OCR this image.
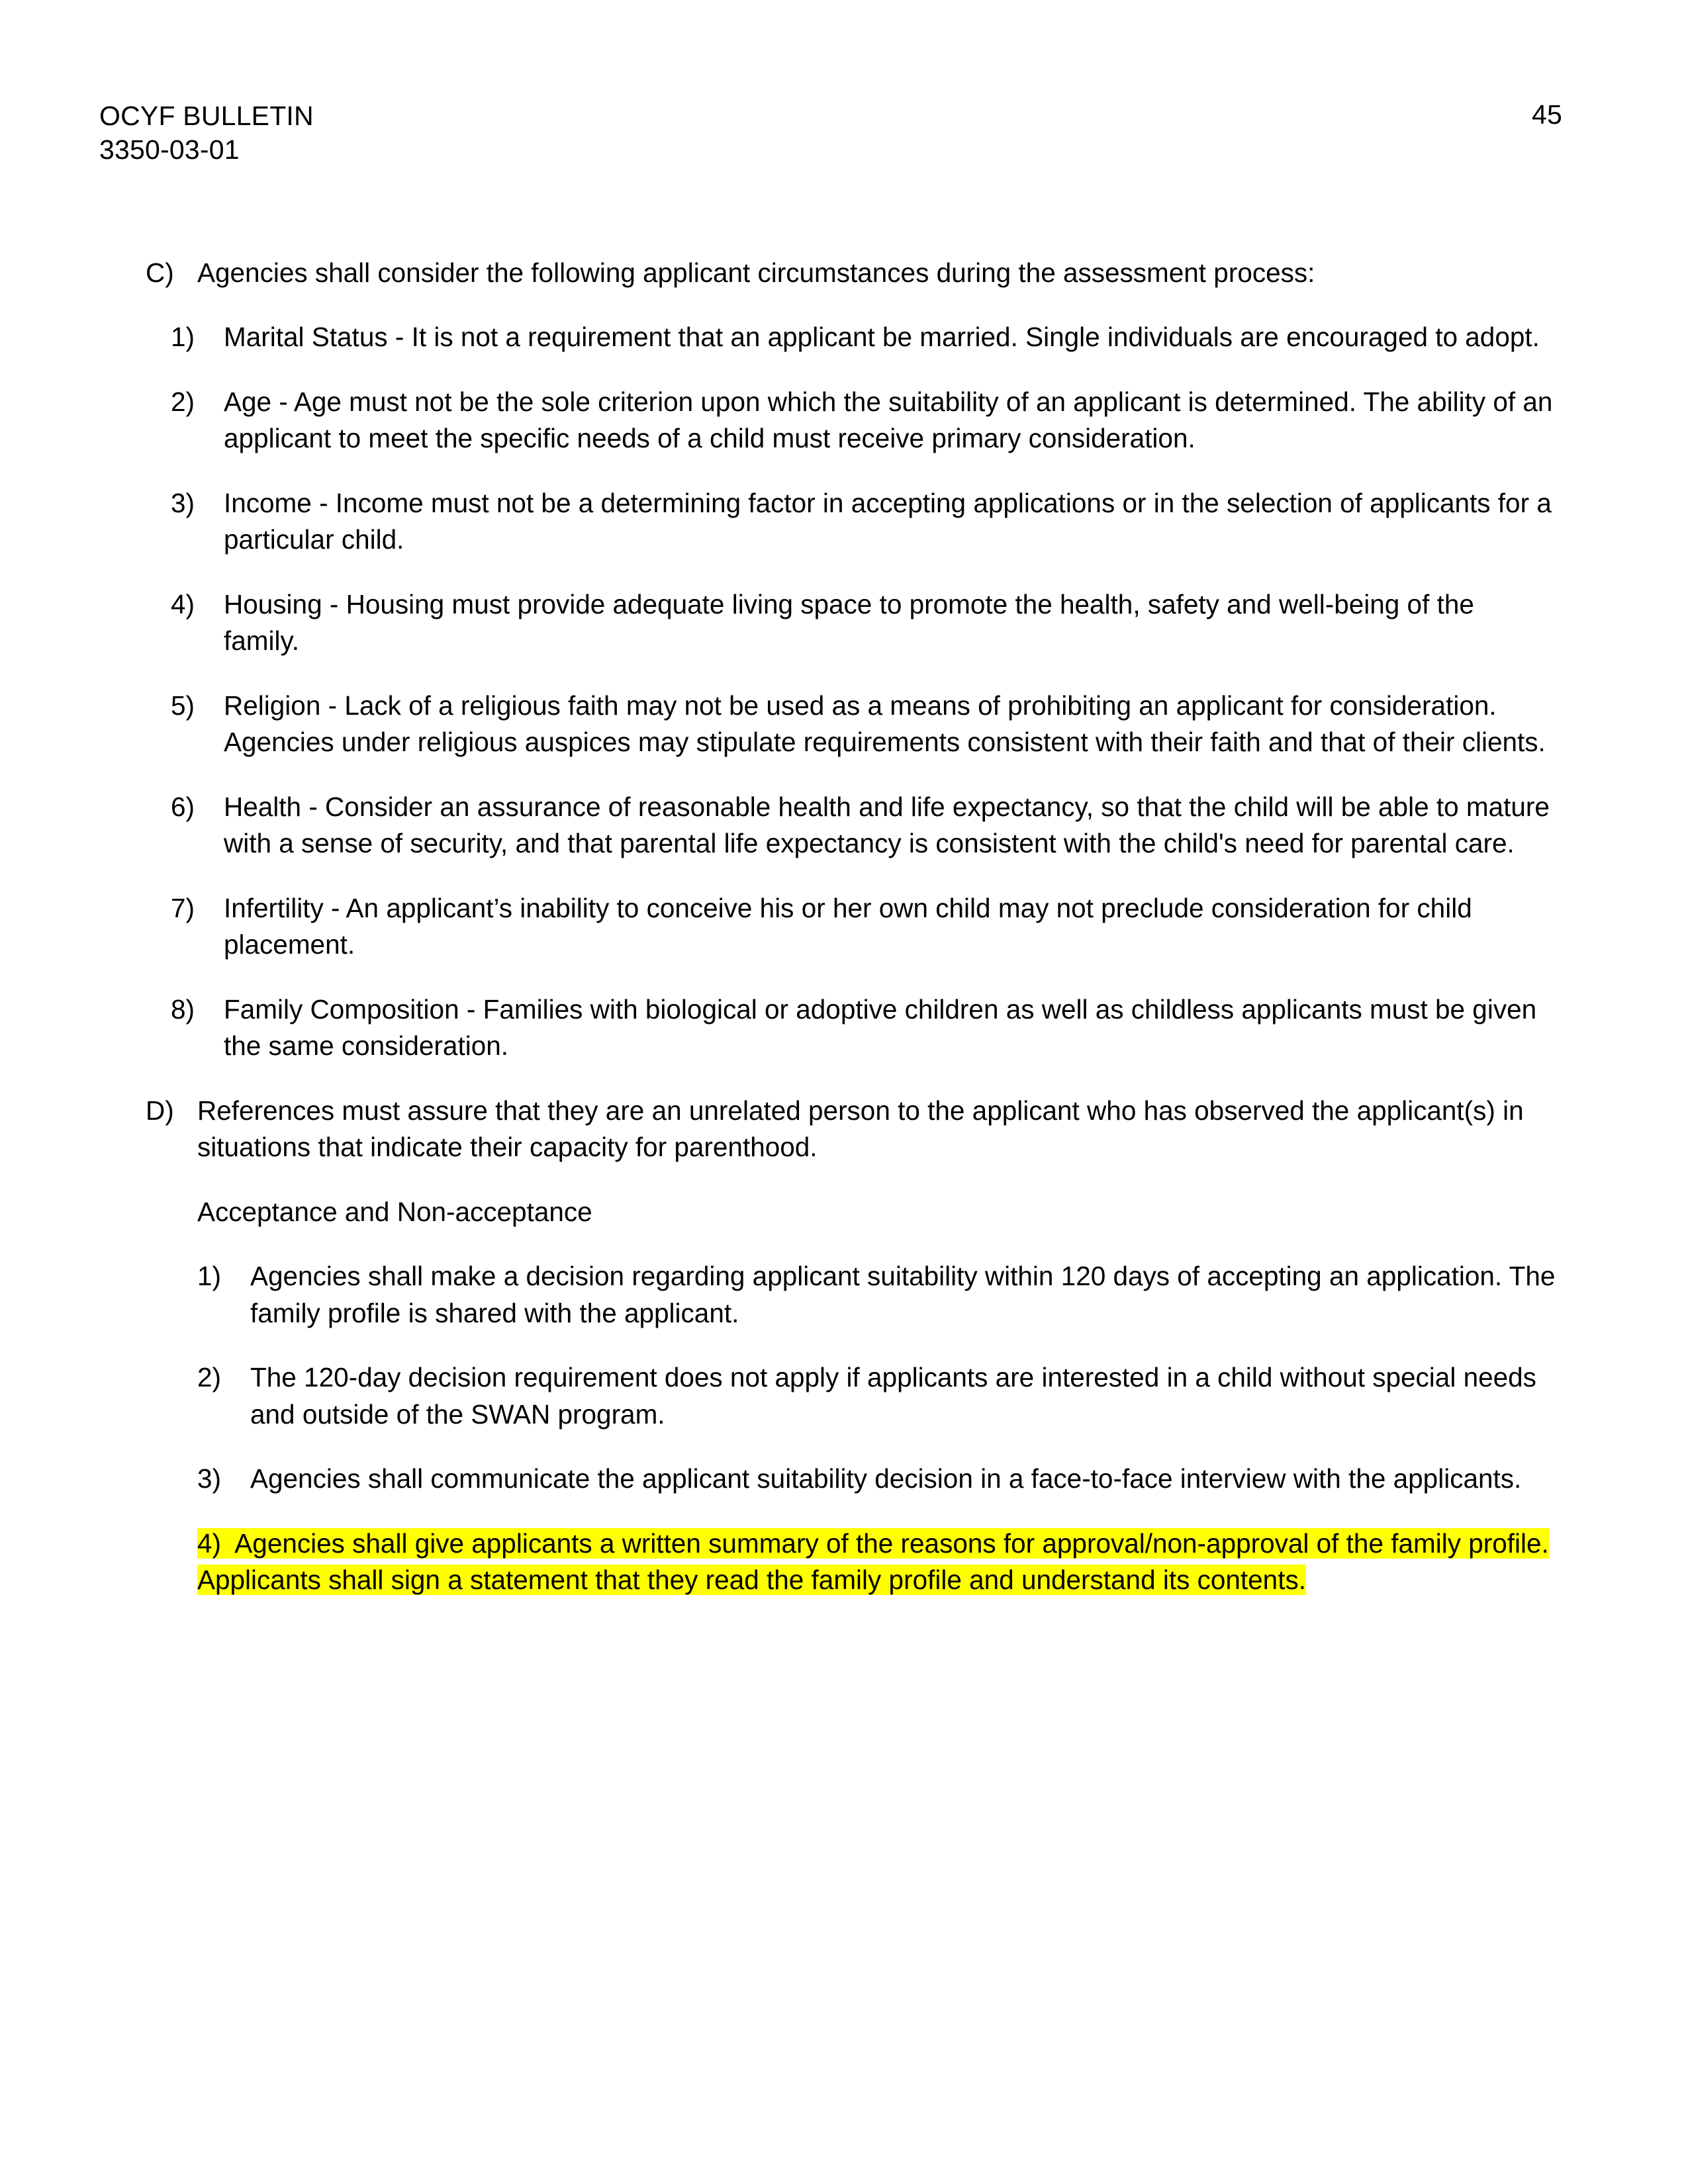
OCYF BULLETIN
3350-03-01
45
C) Agencies shall consider the following applicant circumstances during the assessment process:
1)	Marital Status - It is not a requirement that an applicant be married. Single individuals are encouraged to adopt.
2)	Age - Age must not be the sole criterion upon which the suitability of an applicant is determined. The ability of an applicant to meet the specific needs of a child must receive primary consideration.
3)	Income - Income must not be a determining factor in accepting applications or in the selection of applicants for a particular child.
4)	Housing - Housing must provide adequate living space to promote the health, safety and well-being of the family.
5)	Religion - Lack of a religious faith may not be used as a means of prohibiting an applicant for consideration. Agencies under religious auspices may stipulate requirements consistent with their faith and that of their clients.
6)	Health - Consider an assurance of reasonable health and life expectancy, so that the child will be able to mature with a sense of security, and that parental life expectancy is consistent with the child's need for parental care.
7)	Infertility - An applicant’s inability to conceive his or her own child may not preclude consideration for child placement.
8)	Family Composition - Families with biological or adoptive children as well as childless applicants must be given the same consideration.
D) References must assure that they are an unrelated person to the applicant who has observed the applicant(s) in situations that indicate their capacity for parenthood.
Acceptance and Non-acceptance
1)	Agencies shall make a decision regarding applicant suitability within 120 days of accepting an application. The family profile is shared with the applicant.
2)	The 120-day decision requirement does not apply if applicants are interested in a child without special needs and outside of the SWAN program.
3)	Agencies shall communicate the applicant suitability decision in a face-to-face interview with the applicants.
4) Agencies shall give applicants a written summary of the reasons for approval/non-approval of the family profile. Applicants shall sign a statement that they read the family profile and understand its contents.
